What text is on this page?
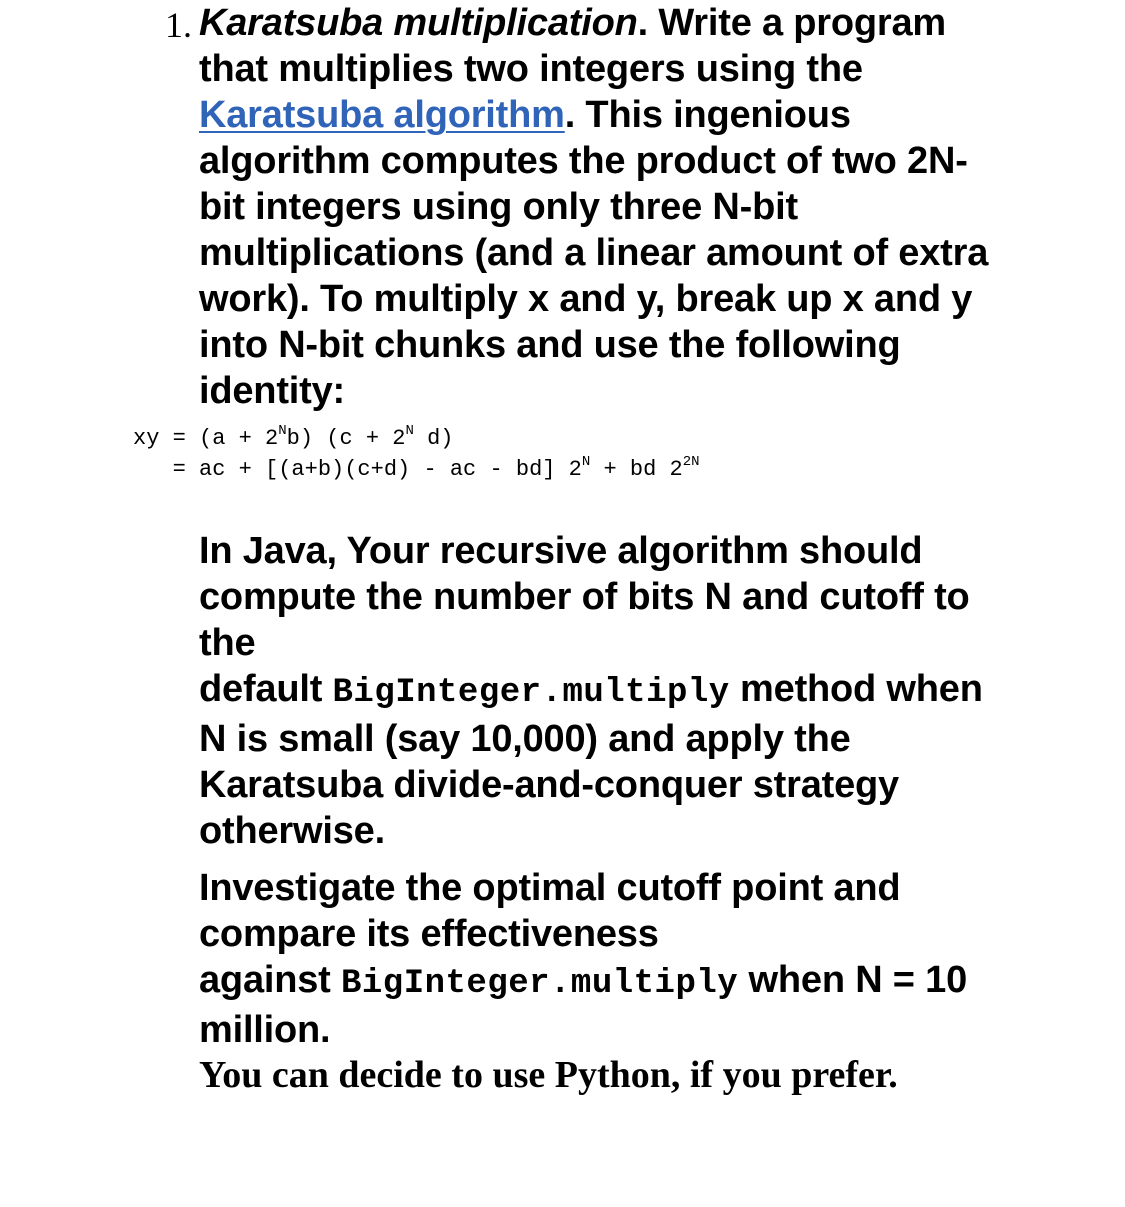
1. Karatsuba multiplication. Write a program that multiplies two integers using the Karatsuba algorithm. This ingenious algorithm computes the product of two 2N-bit integers using only three N-bit multiplications (and a linear amount of extra work). To multiply x and y, break up x and y into N-bit chunks and use the following identity:
xy = $(a + 2^Nb)$ ($c + 2^N$ d)
= ac + [(a+b)(c+d) - ac - bd] $2^N$ + bd $2^{2N}$
In Java, Your recursive algorithm should compute the number of bits N and cutoff to the
default BigInteger.multiply method when N is small (say 10,000) and apply the Karatsuba divide-and-conquer strategy otherwise.
Investigate the optimal cutoff point and compare its effectiveness
against BigInteger.multiply when N = 10 million.
You can decide to use Python, if you prefer.
